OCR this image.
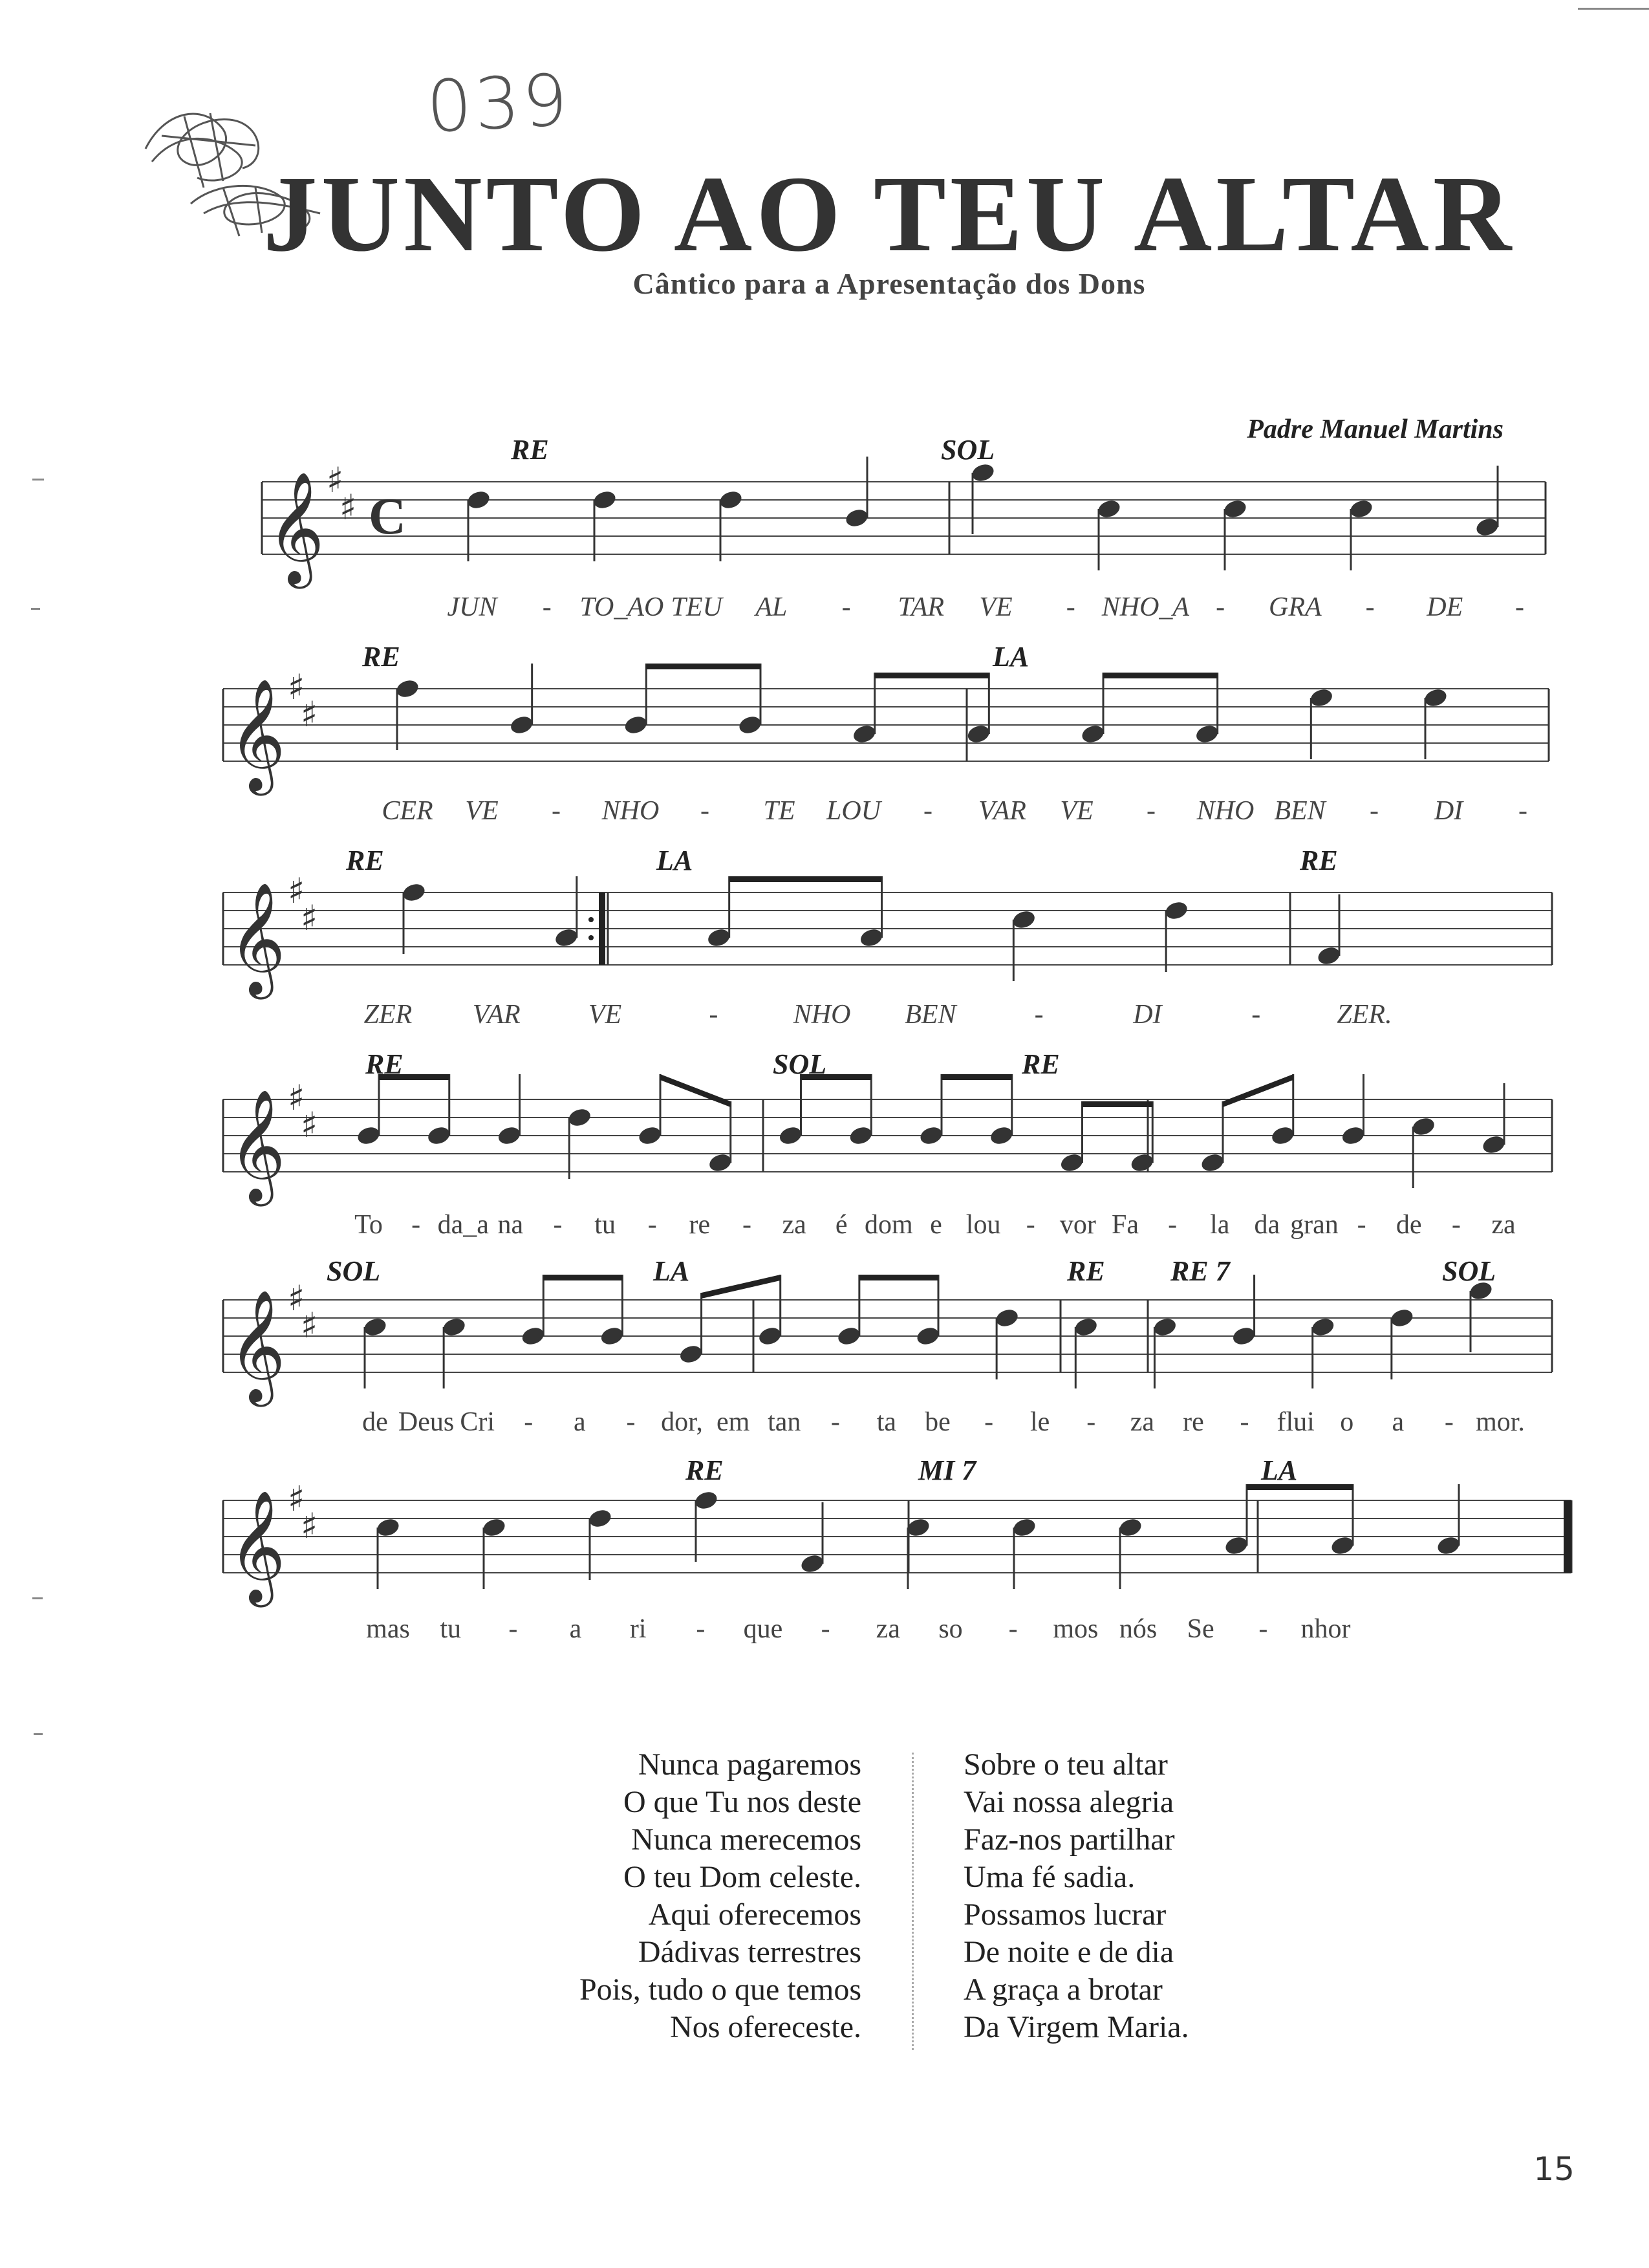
039
JUNTO AO TEU ALTAR
Cântico para a Apresentação dos Dons
Padre Manuel Martins
𝄞 ♯
♯ C
𝄞 ♯
♯
𝄞 ♯
♯
𝄞 ♯
♯
𝄞 ♯
♯
𝄞 ♯
♯
RE	SOL
JUN - TO_AO TEU AL - TAR VE - NHO_A - GRA - DE -
RE	LA
CER VE - NHO - TE LOU - VAR VE - NHO BEN - DI -
RE	LA	RE
ZER VAR	VE	-	NHO BEN	-	DI	-	ZER.
RE	SOL	RE
To - da_a na - tu - re - za é dom e lou - vor Fa - la da gran - de - za
SOL	LA	RE RE 7	SOL
de Deus Cri - a - dor, em tan - ta be - le - za re - flui o a - mor.
RE	MI 7	LA
mas tu - a ri - que - za so - mos nós Se - nhor
Nunca pagaremos
O que Tu nos deste
Nunca merecemos
O teu Dom celeste.
Aqui oferecemos
Dádivas terrestres
Pois, tudo o que temos
Nos ofereceste.
Sobre o teu altar
Vai nossa alegria
Faz-nos partilhar
Uma fé sadia.
Possamos lucrar
De noite e de dia
A graça a brotar
Da Virgem Maria.
15
